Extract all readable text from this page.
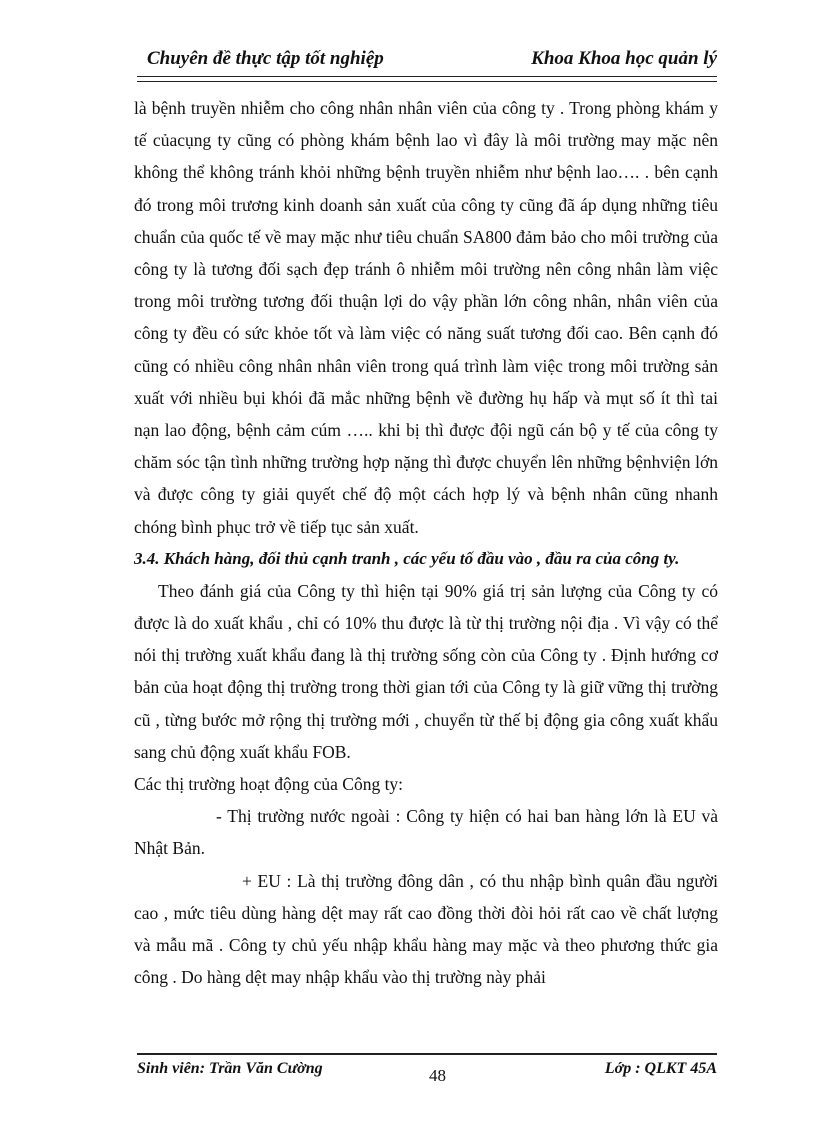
Chuyên đề thực tập tốt nghiệp	Khoa Khoa học quản lý

là bệnh truyền nhiễm cho công nhân nhân viên của công ty . Trong phòng khám y tế củacụng ty cũng có phòng khám bệnh lao vì đây là môi trường may mặc nên không thể không tránh khỏi những bệnh truyền nhiễm như bệnh lao…. . bên cạnh đó trong môi trương kinh doanh sản xuất của công ty cũng đã áp dụng những tiêu chuẩn của quốc tế về may mặc như tiêu chuẩn SA800 đảm bảo cho môi trường của công ty là tương đối sạch đẹp tránh ô nhiễm môi trường nên công nhân làm việc trong môi trường tương đối thuận lợi do vậy phần lớn công nhân, nhân viên của công ty đều có sức khỏe tốt và làm việc có năng suất tương đối cao. Bên cạnh đó cũng có nhiều công nhân nhân viên trong quá trình làm việc trong môi trường sản xuất với nhiều bụi khói đã mắc những bệnh về đường hụ hấp và mụt số ít thì tai nạn lao động, bệnh cảm cúm ….. khi bị thì được đội ngũ cán bộ y tế của công ty chăm sóc tận tình những trường hợp nặng thì được chuyển lên những bệnhviện lớn và được công ty giải quyết chế độ một cách hợp lý và bệnh nhân cũng nhanh chóng bình phục trở về tiếp tục sản xuất.

3.4. Khách hàng, đối thủ cạnh tranh , các yếu tố đầu vào , đầu ra của công ty.

Theo đánh giá của Công ty thì hiện tại 90% giá trị sản lượng của Công ty có được là do xuất khẩu , chỉ có 10% thu được là từ thị trường nội địa . Vì vậy có thể nói thị trường xuất khẩu đang là thị trường sống còn của Công ty . Định hướng cơ bản của hoạt động thị trường trong thời gian tới của Công ty là giữ vững thị trường cũ , từng bước mở rộng thị trường mới , chuyển từ thế bị động gia công xuất khẩu sang chủ động xuất khẩu FOB.

Các thị trường hoạt động của Công ty:

- Thị trường nước ngoài : Công ty hiện có hai ban hàng lớn là EU và Nhật Bản.

+ EU : Là thị trường đông dân , có thu nhập bình quân đầu người cao , mức tiêu dùng hàng dệt may rất cao đồng thời đòi hỏi rất cao về chất lượng và mẫu mã . Công ty chủ yếu nhập khẩu hàng may mặc và theo phương thức gia công . Do hàng dệt may nhập khẩu vào thị trường này phải

Sinh viên: Trần Văn Cường	48	Lớp : QLKT 45A
